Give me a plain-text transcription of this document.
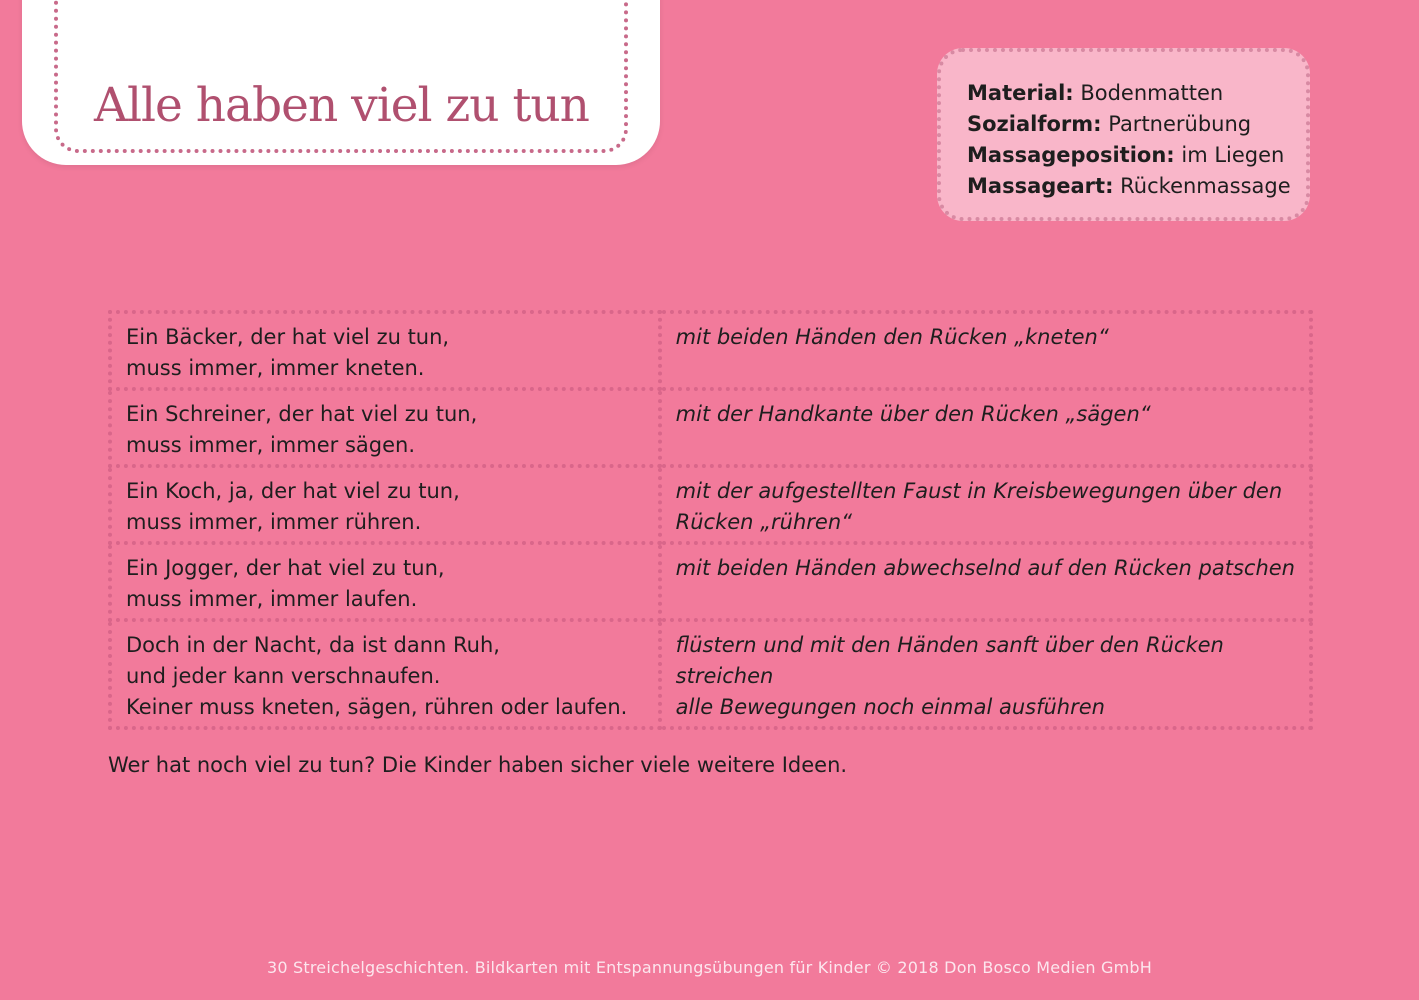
Alle haben viel zu tun	Material: Bodenmatten
Sozialform: Partnerübung
Massageposition: im Liegen
Massageart: Rückenmassage
Ein Bäcker, der hat viel zu tun,
muss immer, immer kneten.	mit beiden Händen den Rücken „kneten“

Ein Schreiner, der hat viel zu tun,
muss immer, immer sägen.	mit der Handkante über den Rücken „sägen“

Ein Koch, ja, der hat viel zu tun,
muss immer, immer rühren.	mit der aufgestellten Faust in Kreisbewegungen über den
Rücken „rühren“

Ein Jogger, der hat viel zu tun,
muss immer, immer laufen.	mit beiden Händen abwechselnd auf den Rücken patschen

Doch in der Nacht, da ist dann Ruh,
und jeder kann verschnaufen.
Keiner muss kneten, sägen, rühren oder laufen.	flüstern und mit den Händen sanft über den Rücken
streichen
alle Bewegungen noch einmal ausführen

Wer hat noch viel zu tun? Die Kinder haben sicher viele weitere Ideen.

30 Streichelgeschichten. Bildkarten mit Entspannungsübungen für Kinder © 2018 Don Bosco Medien GmbH
